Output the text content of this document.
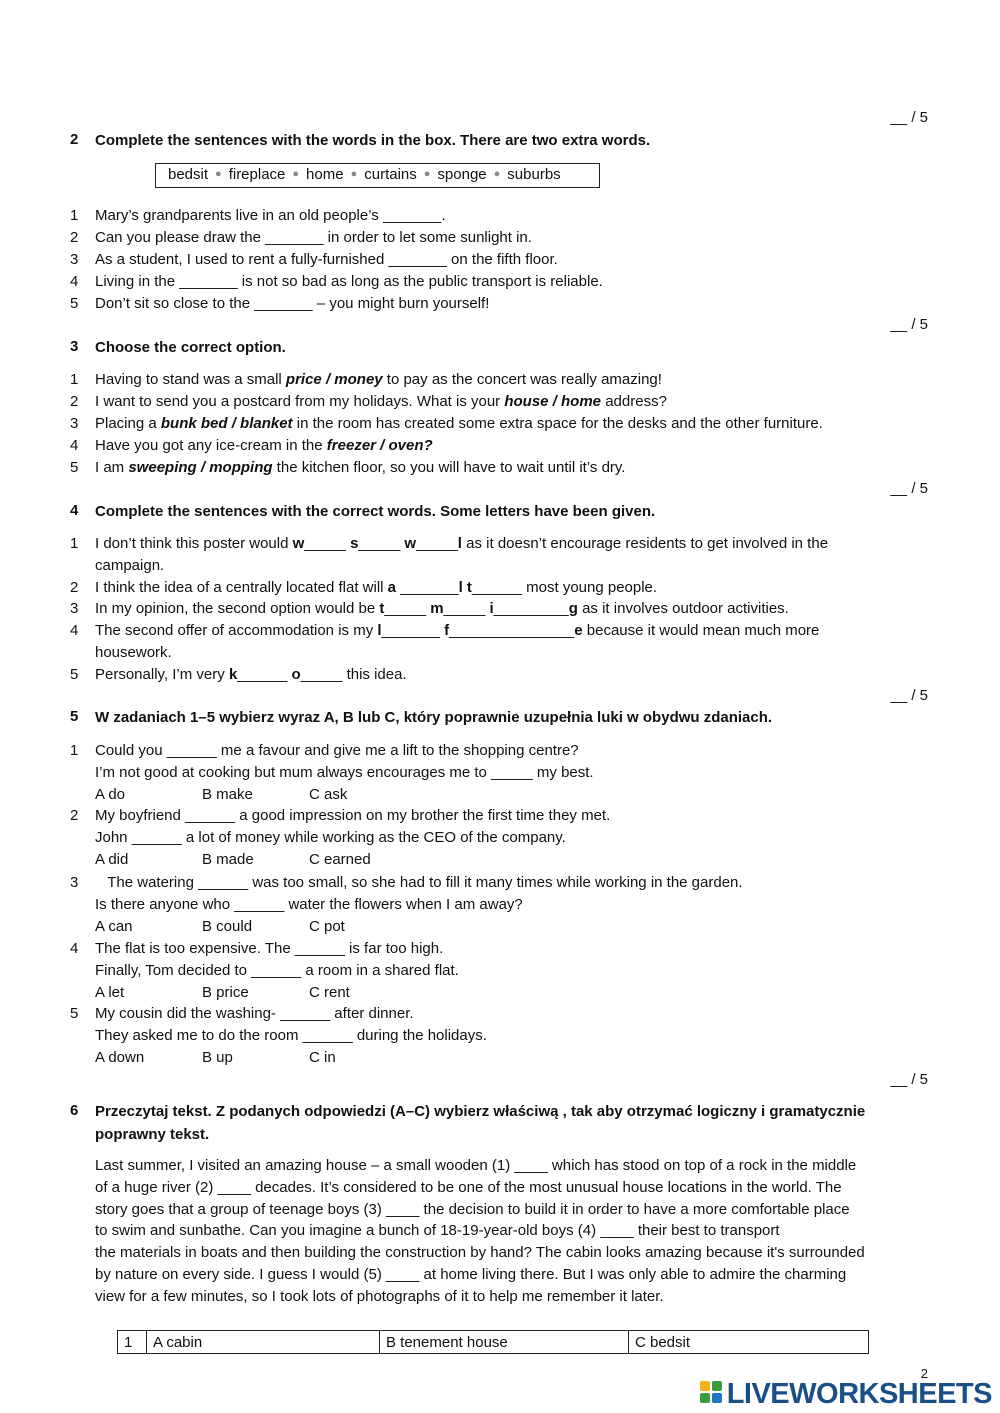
__ / 5
__ / 5
__ / 5
__ / 5
__ / 5
2 Complete the sentences with the words in the box. There are two extra words.
bedsit ● fireplace ● home ● curtains ● sponge ● suburbs
1 Mary’s grandparents live in an old people’s _______.
2 Can you please draw the _______ in order to let some sunlight in.
3 As a student, I used to rent a fully-furnished _______ on the fifth floor.
4 Living in the _______ is not so bad as long as the public transport is reliable.
5 Don’t sit so close to the _______ – you might burn yourself!
3 Choose the correct option.
1 Having to stand was a small price / money to pay as the concert was really amazing!
2 I want to send you a postcard from my holidays. What is your house / home address?
3 Placing a bunk bed / blanket in the room has created some extra space for the desks and the other furniture.
4 Have you got any ice-cream in the freezer / oven?
5 I am sweeping / mopping the kitchen floor, so you will have to wait until it’s dry.
4 Complete the sentences with the correct words. Some letters have been given.
1 I don’t think this poster would w_____ s_____ w_____l as it doesn’t encourage residents to get involved in the
campaign.
2 I think the idea of a centrally located flat will a _______l t______ most young people.
3 In my opinion, the second option would be t_____ m_____ i_________g as it involves outdoor activities.
4 The second offer of accommodation is my l_______ f_______________e because it would mean much more
housework.
5 Personally, I’m very k______ o_____ this idea.
5 W zadaniach 1–5 wybierz wyraz A, B lub C, który poprawnie uzupełnia luki w obydwu zdaniach.
1 Could you ______ me a favour and give me a lift to the shopping centre?
I’m not good at cooking but mum always encourages me to _____ my best.
A do	B make	C ask
2 My boyfriend ______ a good impression on my brother the first time they met.
John ______ a lot of money while working as the CEO of the company.
A did	B made	C earned
3   The watering ______ was too small, so she had to fill it many times while working in the garden.
Is there anyone who ______ water the flowers when I am away?
A can	B could	C pot
4 The flat is too expensive. The ______ is far too high.
Finally, Tom decided to ______ a room in a shared flat.
A let	B price	C rent
5 My cousin did the washing- ______ after dinner.
They asked me to do the room ______ during the holidays.
A down	B up	C in
6 Przeczytaj tekst. Z podanych odpowiedzi (A–C) wybierz właściwą , tak aby otrzymać logiczny i gramatycznie poprawny tekst.
Last summer, I visited an amazing house – a small wooden (1) ____ which has stood on top of a rock in the middle
of a huge river (2) ____ decades. It’s considered to be one of the most unusual house locations in the world. The
story goes that a group of teenage boys (3) ____ the decision to build it in order to have a more comfortable place
to swim and sunbathe. Can you imagine a bunch of 18-19-year-old boys (4) ____ their best to transport
the materials in boats and then building the construction by hand? The cabin looks amazing because it's surrounded
by nature on every side. I guess I would (5) ____ at home living there. But I was only able to admire the charming
view for a few minutes, so I took lots of photographs of it to help me remember it later.
1	A cabin	B tenement house	C bedsit
2
LIVEWORKSHEETS
